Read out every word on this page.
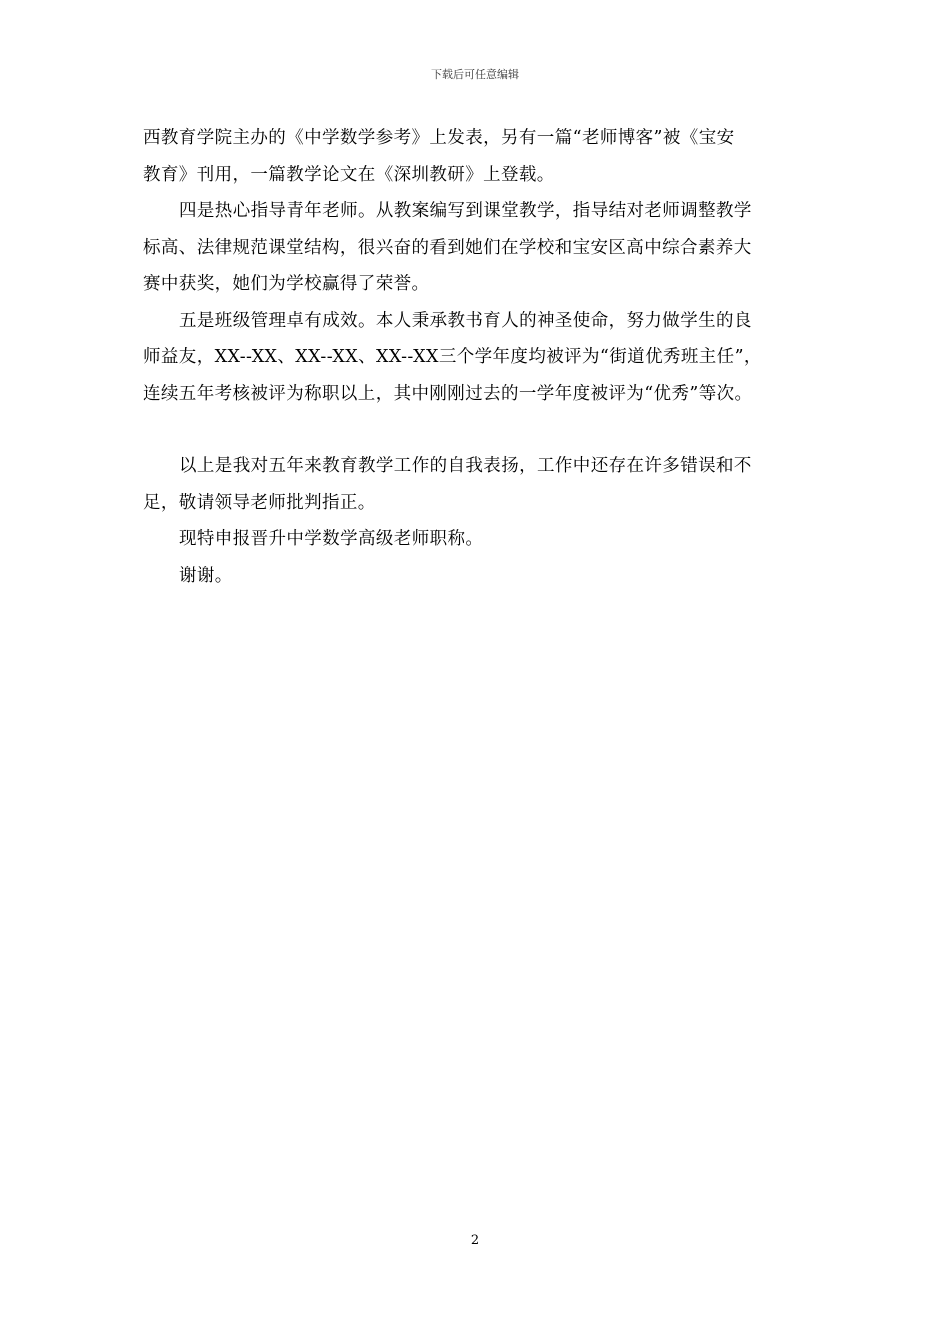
下载后可任意编辑
西教育学院主办的《中学数学参考》上发表，另有一篇“老师博客”被《宝安
教育》刊用，一篇教学论文在《深圳教研》上登载。
四是热心指导青年老师。从教案编写到课堂教学，指导结对老师调整教学
标高、法律规范课堂结构，很兴奋的看到她们在学校和宝安区高中综合素养大
赛中获奖，她们为学校赢得了荣誉。
五是班级管理卓有成效。本人秉承教书育人的神圣使命，努力做学生的良
师益友，XX--XX、XX--XX、XX--XX三个学年度均被评为“街道优秀班主任”，
连续五年考核被评为称职以上，其中刚刚过去的一学年度被评为“优秀”等次。
以上是我对五年来教育教学工作的自我表扬，工作中还存在许多错误和不
足，敬请领导老师批判指正。
现特申报晋升中学数学高级老师职称。
谢谢。
2
